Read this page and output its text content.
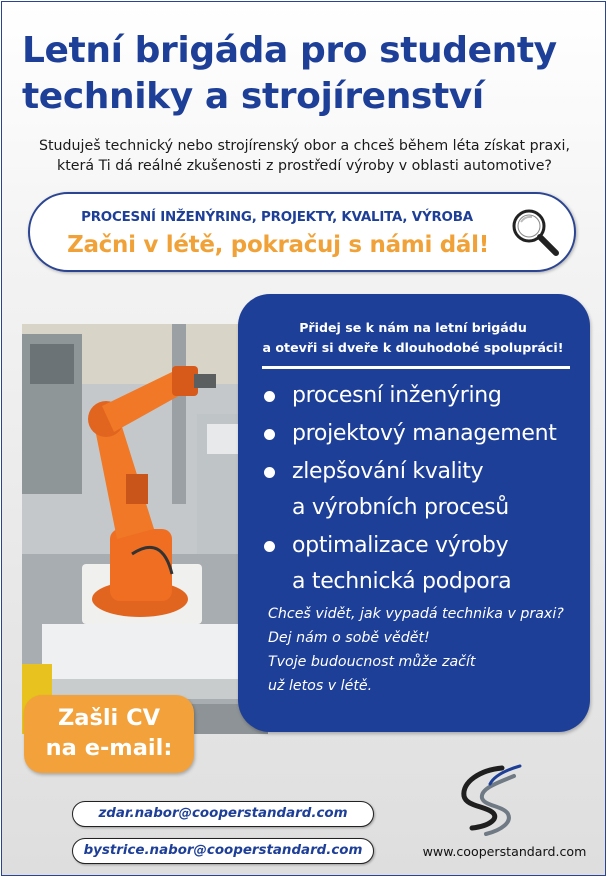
Letní brigáda pro studenty
techniky a strojírenství

Studuješ technický nebo strojírenský obor a chceš během léta získat praxi,
která Ti dá reálné zkušenosti z prostředí výroby v oblasti automotive?

PROCESNÍ INŽENÝRING, PROJEKTY, KVALITA, VÝROBA

Začni v létě, pokračuj s námi dál!

Přidej se k nám na letní brigádu
a otevři si dveře k dlouhodobé spolupráci!

procesní inženýring
projektový management
zlepšování kvality
a výrobních procesů
optimalizace výroby
a technická podpora

Chceš vidět, jak vypadá technika v praxi?
Dej nám o sobě vědět!
Tvoje budoucnost může začít
už letos v létě.

Zašli CV

na e-mail:

zdar.nabor@cooperstandard.com
bystrice.nabor@cooperstandard.com	www.cooperstandard.com
